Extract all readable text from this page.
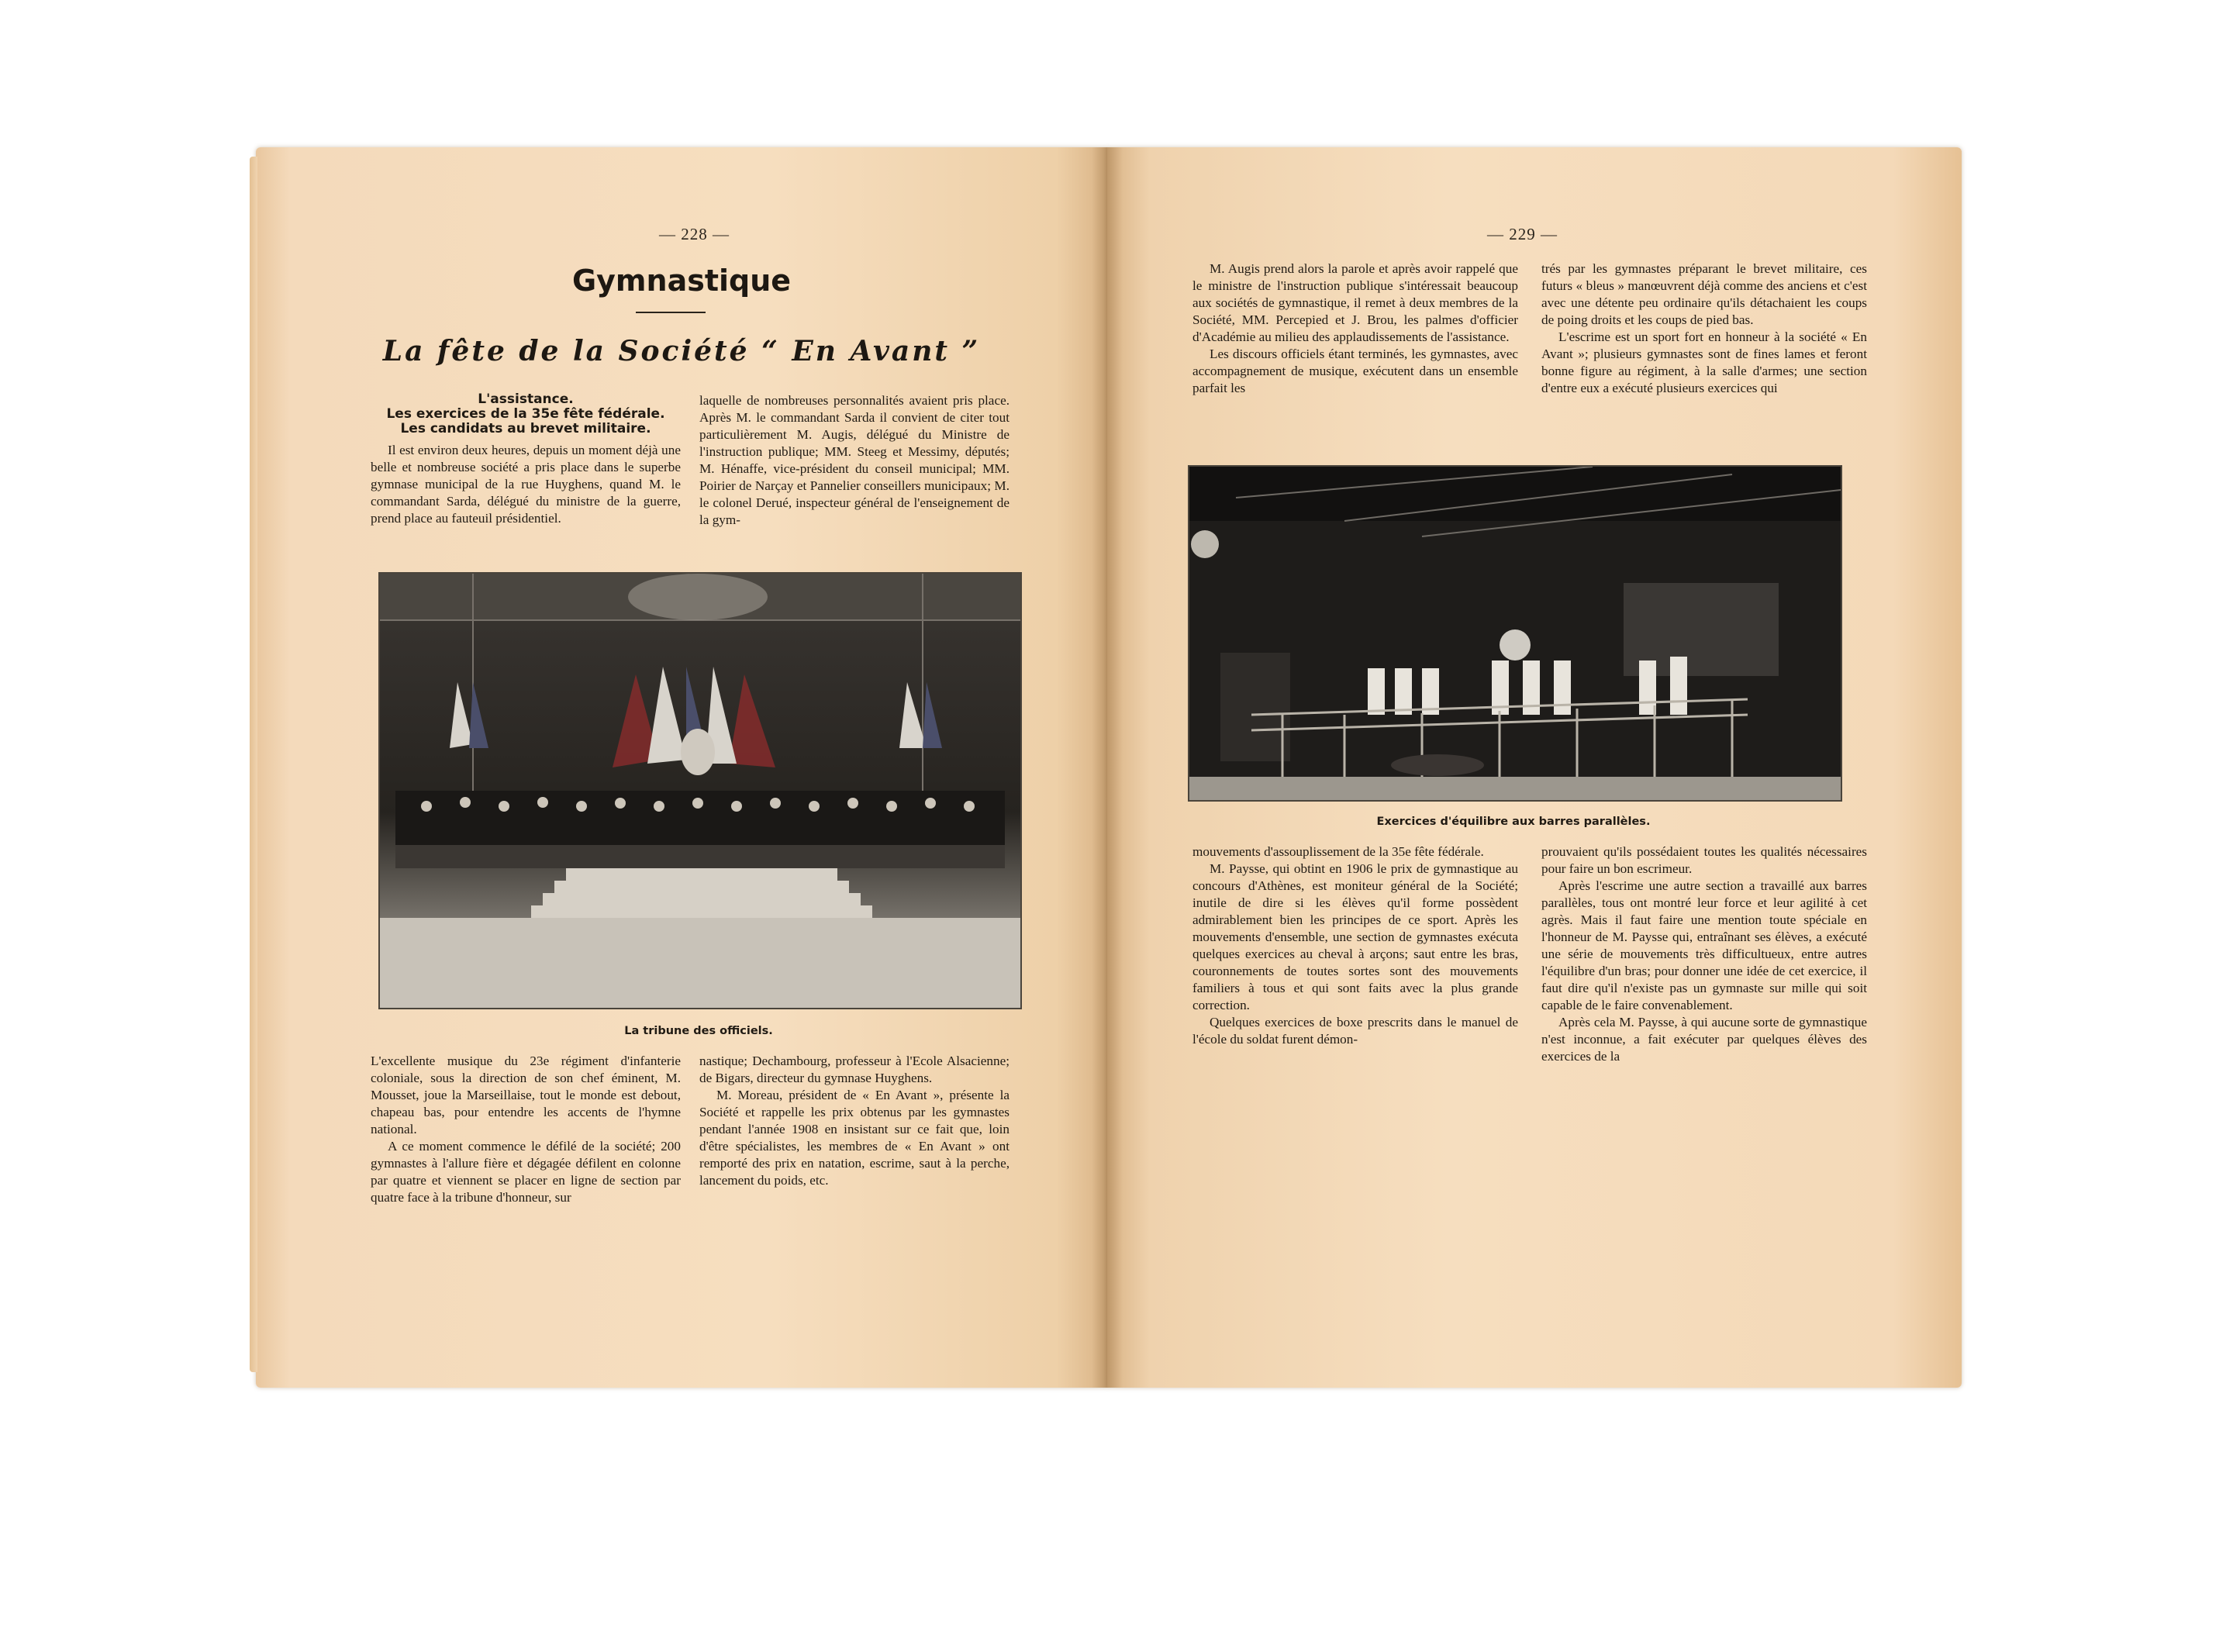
— 228 —
Gymnastique
La fête de la Société “ En Avant ”
L'assistance.
Les exercices de la 35e fête fédérale.
Les candidats au brevet militaire.

Il est environ deux heures, depuis un moment déjà une belle et nombreuse société a pris place dans le superbe gymnase municipal de la rue Huyghens, quand M. le commandant Sarda, délégué du ministre de la guerre, prend place au fauteuil présidentiel.

laquelle de nombreuses personnalités avaient pris place. Après M. le commandant Sarda il convient de citer tout particulièrement M. Augis, délégué du Ministre de l'instruction publique; MM. Steeg et Messimy, députés; M. Hénaffe, vice-président du conseil municipal; MM. Poirier de Narçay et Pannelier conseillers municipaux; M. le colonel Derué, inspecteur général de l'enseignement de la gym-

La tribune des officiels.

L'excellente musique du 23e régiment d'infanterie coloniale, sous la direction de son chef éminent, M. Mousset, joue la Marseillaise, tout le monde est debout, chapeau bas, pour entendre les accents de l'hymne national.

A ce moment commence le défilé de la société; 200 gymnastes à l'allure fière et dégagée défilent en colonne par quatre et viennent se placer en ligne de section par quatre face à la tribune d'honneur, sur

nastique; Dechambourg, professeur à l'Ecole Alsacienne; de Bigars, directeur du gymnase Huyghens.

M. Moreau, président de « En Avant », présente la Société et rappelle les prix obtenus par les gymnastes pendant l'année 1908 en insistant sur ce fait que, loin d'être spécialistes, les membres de « En Avant » ont remporté des prix en natation, escrime, saut à la perche, lancement du poids, etc.

— 229 —

M. Augis prend alors la parole et après avoir rappelé que le ministre de l'instruction publique s'intéressait beaucoup aux sociétés de gymnastique, il remet à deux membres de la Société, MM. Percepied et J. Brou, les palmes d'officier d'Académie au milieu des applaudissements de l'assistance.

Les discours officiels étant terminés, les gymnastes, avec accompagnement de musique, exécutent dans un ensemble parfait les

trés par les gymnastes préparant le brevet militaire, ces futurs « bleus » manœuvrent déjà comme des anciens et c'est avec une détente peu ordinaire qu'ils détachaient les coups de poing droits et les coups de pied bas.

L'escrime est un sport fort en honneur à la société « En Avant »; plusieurs gymnastes sont de fines lames et feront bonne figure au régiment, à la salle d'armes; une section d'entre eux a exécuté plusieurs exercices qui

Exercices d'équilibre aux barres parallèles.

mouvements d'assouplissement de la 35e fête fédérale.

M. Paysse, qui obtint en 1906 le prix de gymnastique au concours d'Athènes, est moniteur général de la Société; inutile de dire si les élèves qu'il forme possèdent admirablement bien les principes de ce sport. Après les mouvements d'ensemble, une section de gymnastes exécuta quelques exercices au cheval à arçons; saut entre les bras, couronnements de toutes sortes sont des mouvements familiers à tous et qui sont faits avec la plus grande correction.

Quelques exercices de boxe prescrits dans le manuel de l'école du soldat furent démon-

prouvaient qu'ils possédaient toutes les qualités nécessaires pour faire un bon escrimeur.

Après l'escrime une autre section a travaillé aux barres parallèles, tous ont montré leur force et leur agilité à cet agrès. Mais il faut faire une mention toute spéciale en l'honneur de M. Paysse qui, entraînant ses élèves, a exécuté une série de mouvements très difficultueux, entre autres l'équilibre d'un bras; pour donner une idée de cet exercice, il faut dire qu'il n'existe pas un gymnaste sur mille qui soit capable de le faire convenablement.

Après cela M. Paysse, à qui aucune sorte de gymnastique n'est inconnue, a fait exécuter par quelques élèves des exercices de la
